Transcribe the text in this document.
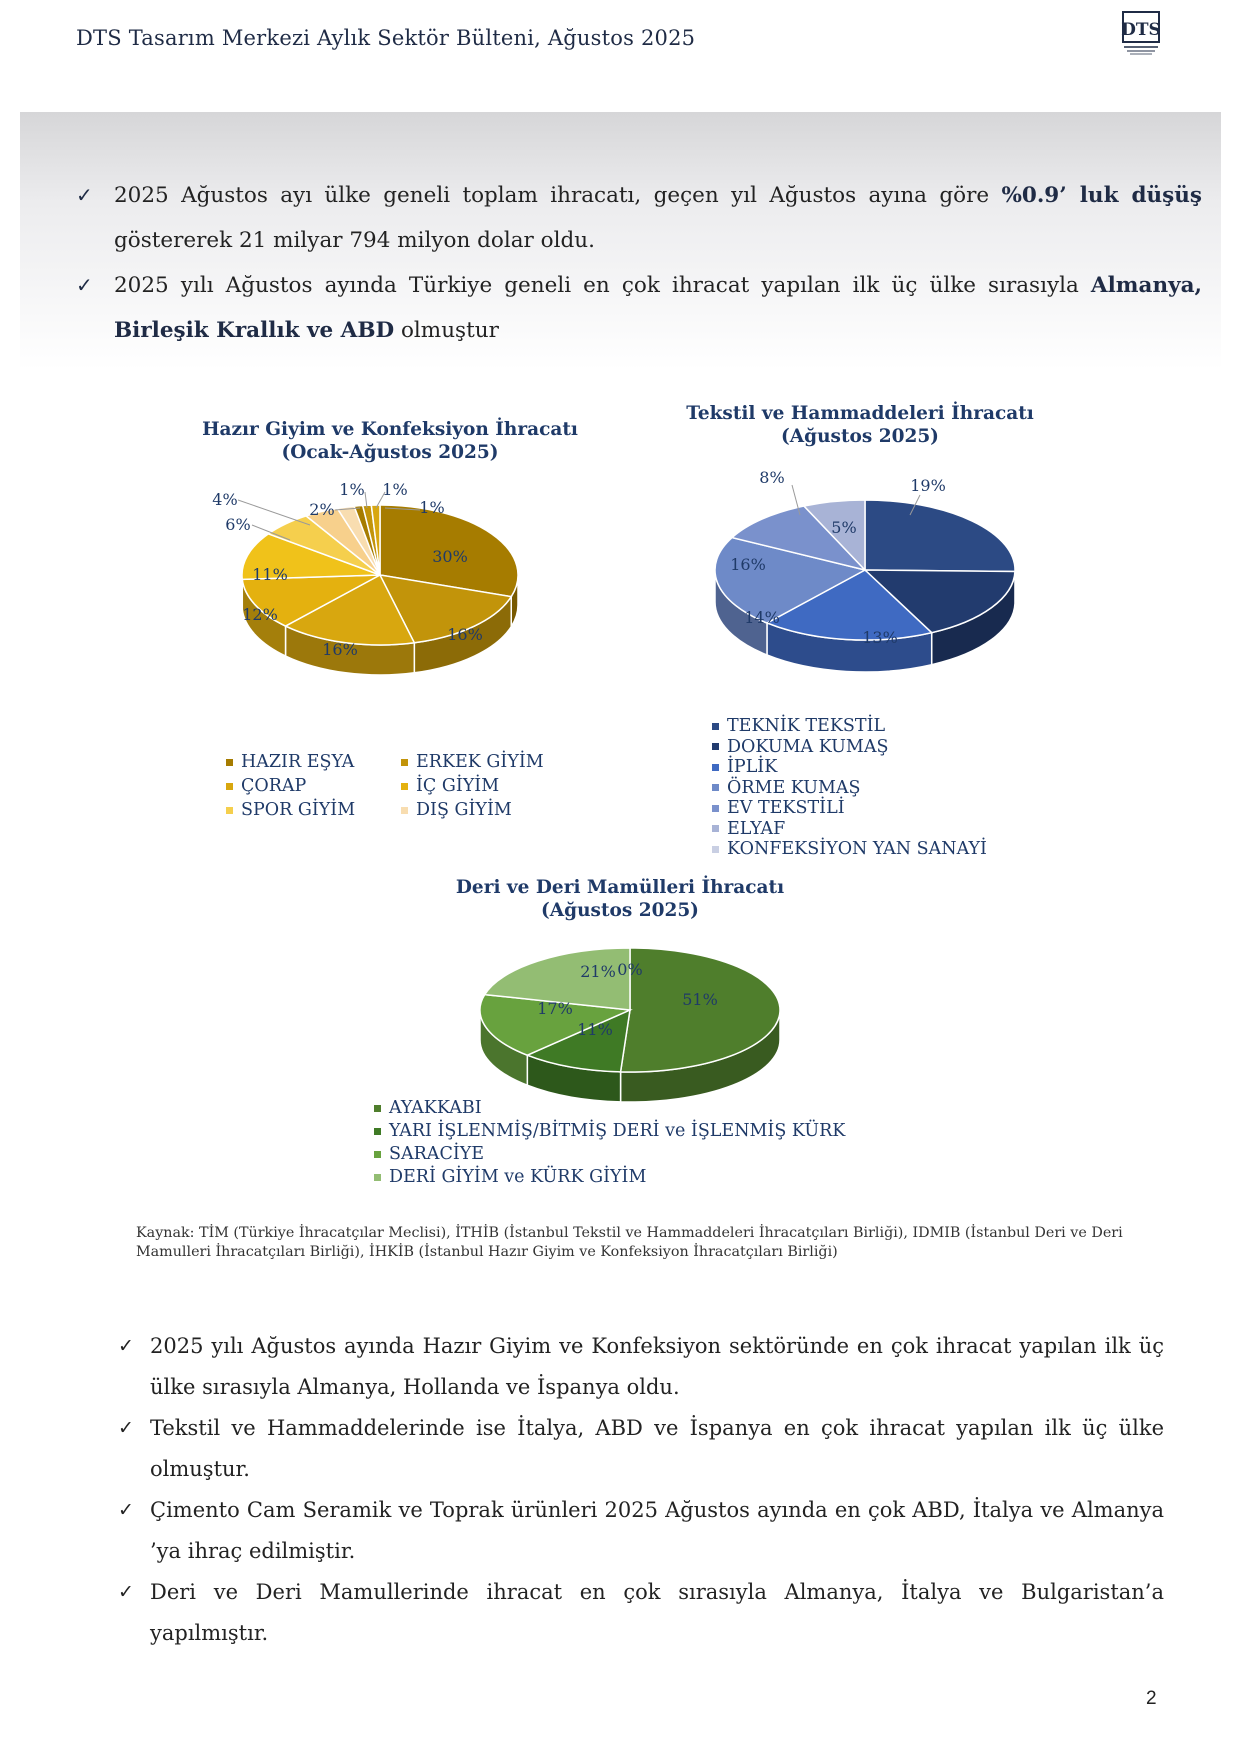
DTS Tasarım Merkezi Aylık Sektör Bülteni, Ağustos 2025	DTS
✓ 2025 Ağustos ayı ülke geneli toplam ihracatı, geçen yıl Ağustos ayına göre %0.9’ luk düşüş göstererek 21 milyar 794 milyon dolar oldu.
✓ 2025 yılı Ağustos ayında Türkiye geneli en çok ihracat yapılan ilk üç ülke sırasıyla Almanya, Birleşik Krallık ve ABD olmuştur
Hazır Giyim ve Konfeksiyon İhracatı
(Ocak-Ağustos 2025)
30%
16%
16%
12%
11%
6%
4%
2%
1% 1%
1%
HAZIR EŞYA	ERKEK GİYİM
ÇORAP	İÇ GİYİM
SPOR GİYİM	DIŞ GİYİM
Tekstil ve Hammaddeleri İhracatı
(Ağustos 2025)
19%
13%
14%
16%
8%
5%
TEKNİK TEKSTİL
DOKUMA KUMAŞ
İPLİK
ÖRME KUMAŞ
EV TEKSTİLİ
ELYAF
KONFEKSİYON YAN SANAYİ
Deri ve Deri Mamülleri İhracatı
(Ağustos 2025)
51%
11%
17%
21% 0%
AYAKKABI
YARI İŞLENMİŞ/BİTMİŞ DERİ ve İŞLENMİŞ KÜRK
SARACİYE
DERİ GİYİM ve KÜRK GİYİM
Kaynak: TİM (Türkiye İhracatçılar Meclisi), İTHİB (İstanbul Tekstil ve Hammaddeleri İhracatçıları Birliği), IDMIB (İstanbul Deri ve Deri Mamulleri İhracatçıları Birliği), İHKİB (İstanbul Hazır Giyim ve Konfeksiyon İhracatçıları Birliği)
✓ 2025 yılı Ağustos ayında Hazır Giyim ve Konfeksiyon sektöründe en çok ihracat yapılan ilk üç ülke sırasıyla Almanya, Hollanda ve İspanya oldu.
✓ Tekstil ve Hammaddelerinde ise İtalya, ABD ve İspanya en çok ihracat yapılan ilk üç ülke olmuştur.
✓ Çimento Cam Seramik ve Toprak ürünleri 2025 Ağustos ayında en çok ABD, İtalya ve Almanya ’ya ihraç edilmiştir.
✓ Deri ve Deri Mamullerinde ihracat en çok sırasıyla Almanya, İtalya ve Bulgaristan’a yapılmıştır.
2
